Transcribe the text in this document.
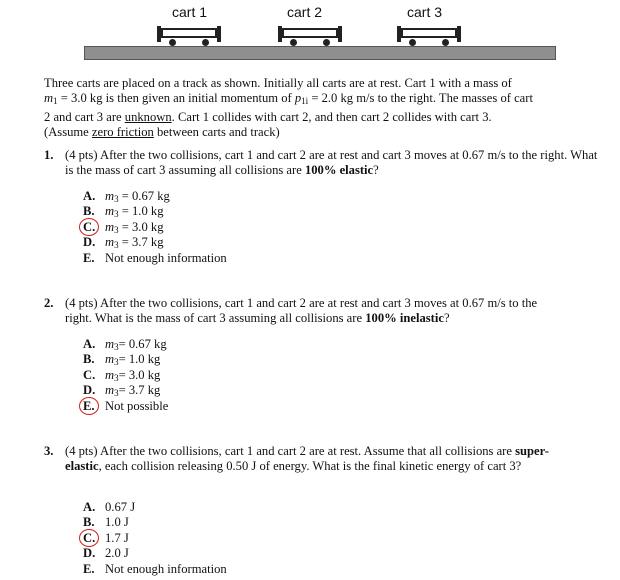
cart 1	cart 2	cart 3
Three carts are placed on a track as shown. Initially all carts are at rest. Cart 1 with a mass of
$m_1 = 3.0$ kg is then given an initial momentum of $p_{1i} = 2.0$ kg m/s to the right. The masses of cart
2 and cart 3 are unknown. Cart 1 collides with cart 2, and then cart 2 collides with cart 3.
(Assume zero friction between carts and track)
1. (4 pts) After the two collisions, cart 1 and cart 2 are at rest and cart 3 moves at 0.67 m/s to the right. What is the mass of cart 3 assuming all collisions are 100% elastic?
A. $m_3 = 0.67$ kg
B. $m_3 = 1.0$ kg
C. $m_3 = 3.0$ kg
D. $m_3 = 3.7$ kg
E. Not enough information
2. (4 pts) After the two collisions, cart 1 and cart 2 are at rest and cart 3 moves at 0.67 m/s to the right. What is the mass of cart 3 assuming all collisions are 100% inelastic?
A. $m_3= 0.67$ kg
B. $m_3= 1.0$ kg
C. $m_3= 3.0$ kg
D. $m_3= 3.7$ kg
E. Not possible
3. (4 pts) After the two collisions, cart 1 and cart 2 are at rest. Assume that all collisions are super-elastic, each collision releasing 0.50 J of energy. What is the final kinetic energy of cart 3?
A. 0.67 J
B. 1.0 J
C. 1.7 J
D. 2.0 J
E. Not enough information
